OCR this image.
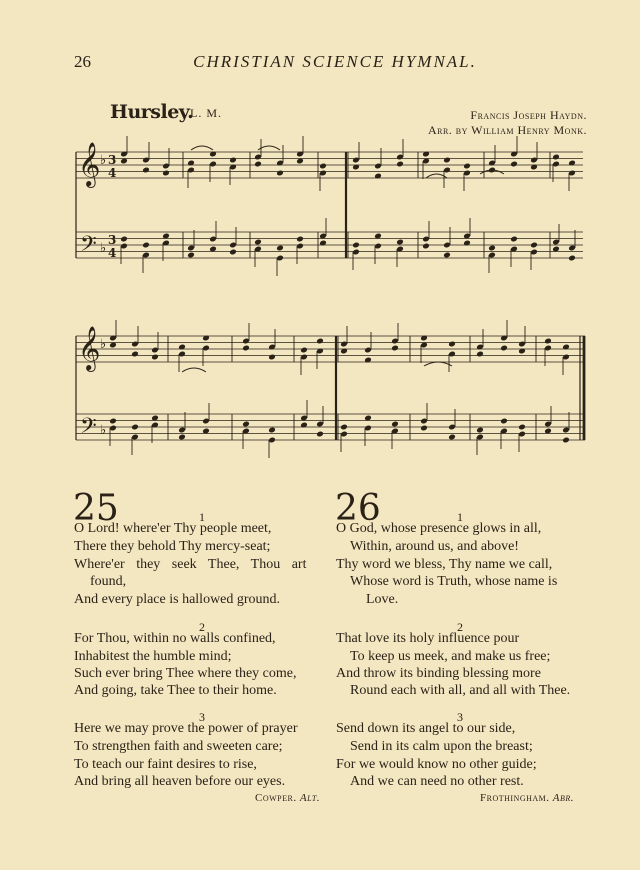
26	CHRISTIAN SCIENCE HYMNAL.
Hursley.
L. M.	Francis Joseph Haydn.
Arr. by William Henry Monk.
𝄞
𝄢
♭
♭
3
4
3
4
𝄞
𝄢
♭
♭
25	1
O Lord! where'er Thy people meet,
There they behold Thy mercy-seat;
Where'er they seek Thee, Thou art
found,
And every place is hallowed ground.
2
For Thou, within no walls confined,
Inhabitest the humble mind;
Such ever bring Thee where they come,
And going, take Thee to their home.
3
Here we may prove the power of prayer
To strengthen faith and sweeten care;
To teach our faint desires to rise,
And bring all heaven before our eyes.
Cowper. Alt.
26	1
O God, whose presence glows in all,
Within, around us, and above!
Thy word we bless, Thy name we call,
Whose word is Truth, whose name is
Love.
2
That love its holy influence pour
To keep us meek, and make us free;
And throw its binding blessing more
Round each with all, and all with Thee.
3
Send down its angel to our side,
Send in its calm upon the breast;
For we would know no other guide;
And we can need no other rest.
Frothingham. Abr.
